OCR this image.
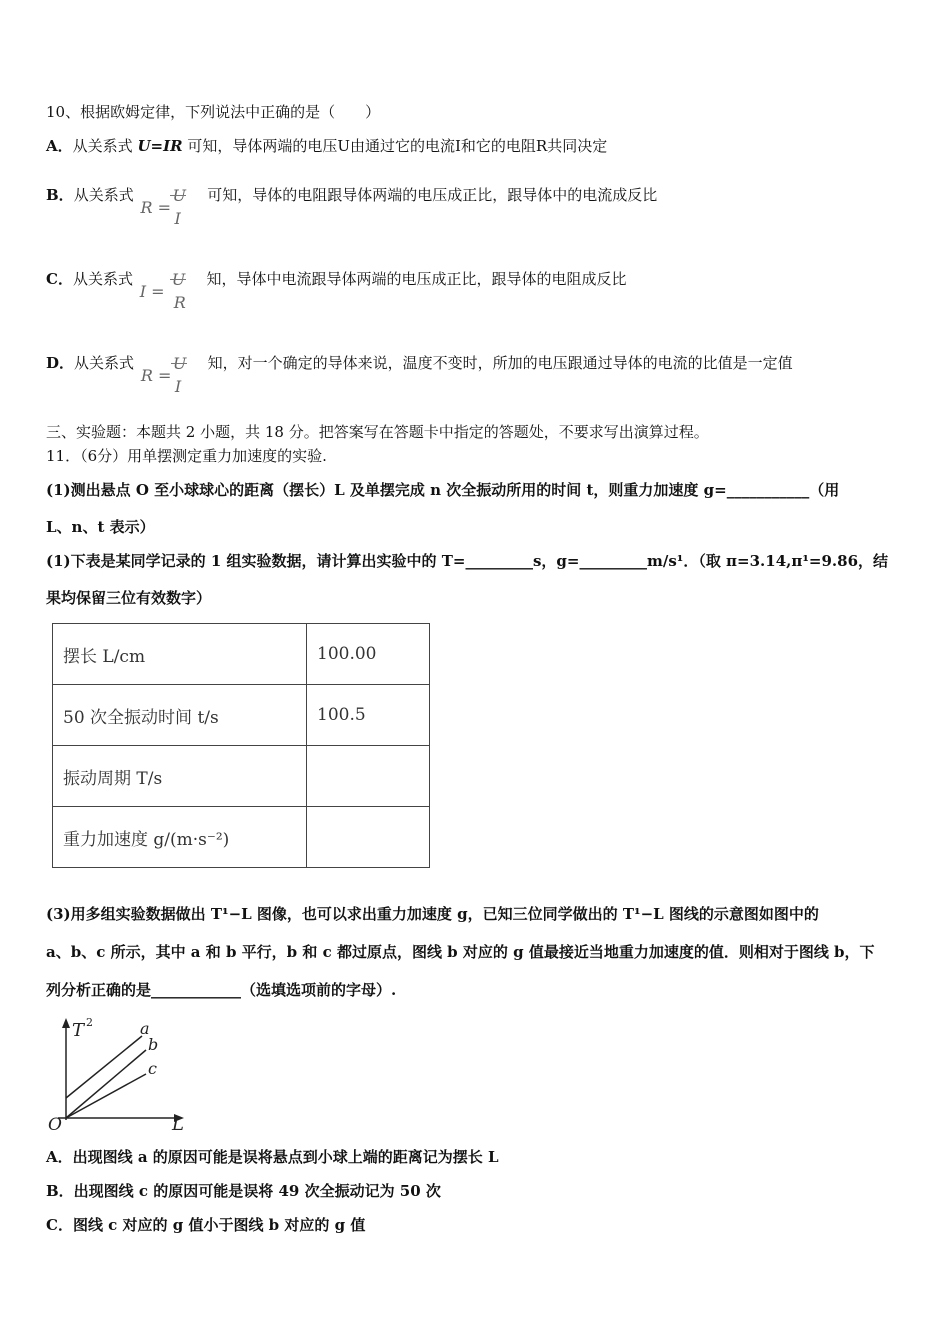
10、根据欧姆定律，下列说法中正确的是（　　）
A．从关系式 U=IR 可知，导体两端的电压U由通过它的电流I和它的电阻R共同决定
B．从关系式
R =
U
I
可知，导体的电阻跟导体两端的电压成正比，跟导体中的电流成反比
C．从关系式
I =
U
R
知，导体中电流跟导体两端的电压成正比，跟导体的电阻成反比
D．从关系式
R =
U
I
知，对一个确定的导体来说，温度不变时，所加的电压跟通过导体的电流的比值是一定值
三、实验题：本题共 2 小题，共 18 分。把答案写在答题卡中指定的答题处，不要求写出演算过程。
11．（6分）用单摆测定重力加速度的实验.
(1)测出悬点 O 至小球球心的距离（摆长）L 及单摆完成 n 次全振动所用的时间 t，则重力加速度 g=___________（用
L、n、t 表示）
(1)下表是某同学记录的 1 组实验数据，请计算出实验中的 T=_________s，g=_________m/s¹．（取 π=3.14,π¹=9.86，结
果均保留三位有效数字）
摆长 L/cm	100.00
50 次全振动时间 t/s	100.5
振动周期 T/s	
重力加速度 g/(m·s⁻²)	
(3)用多组实验数据做出 T¹−L 图像，也可以求出重力加速度 g，已知三位同学做出的 T¹−L 图线的示意图如图中的
a、b、c 所示，其中 a 和 b 平行，b 和 c 都过原点，图线 b 对应的 g 值最接近当地重力加速度的值．则相对于图线 b，下
列分析正确的是____________（选填选项前的字母）.
T 2
L
O
a
b
c
A．出现图线 a 的原因可能是误将悬点到小球上端的距离记为摆长 L
B．出现图线 c 的原因可能是误将 49 次全振动记为 50 次
C．图线 c 对应的 g 值小于图线 b 对应的 g 值
